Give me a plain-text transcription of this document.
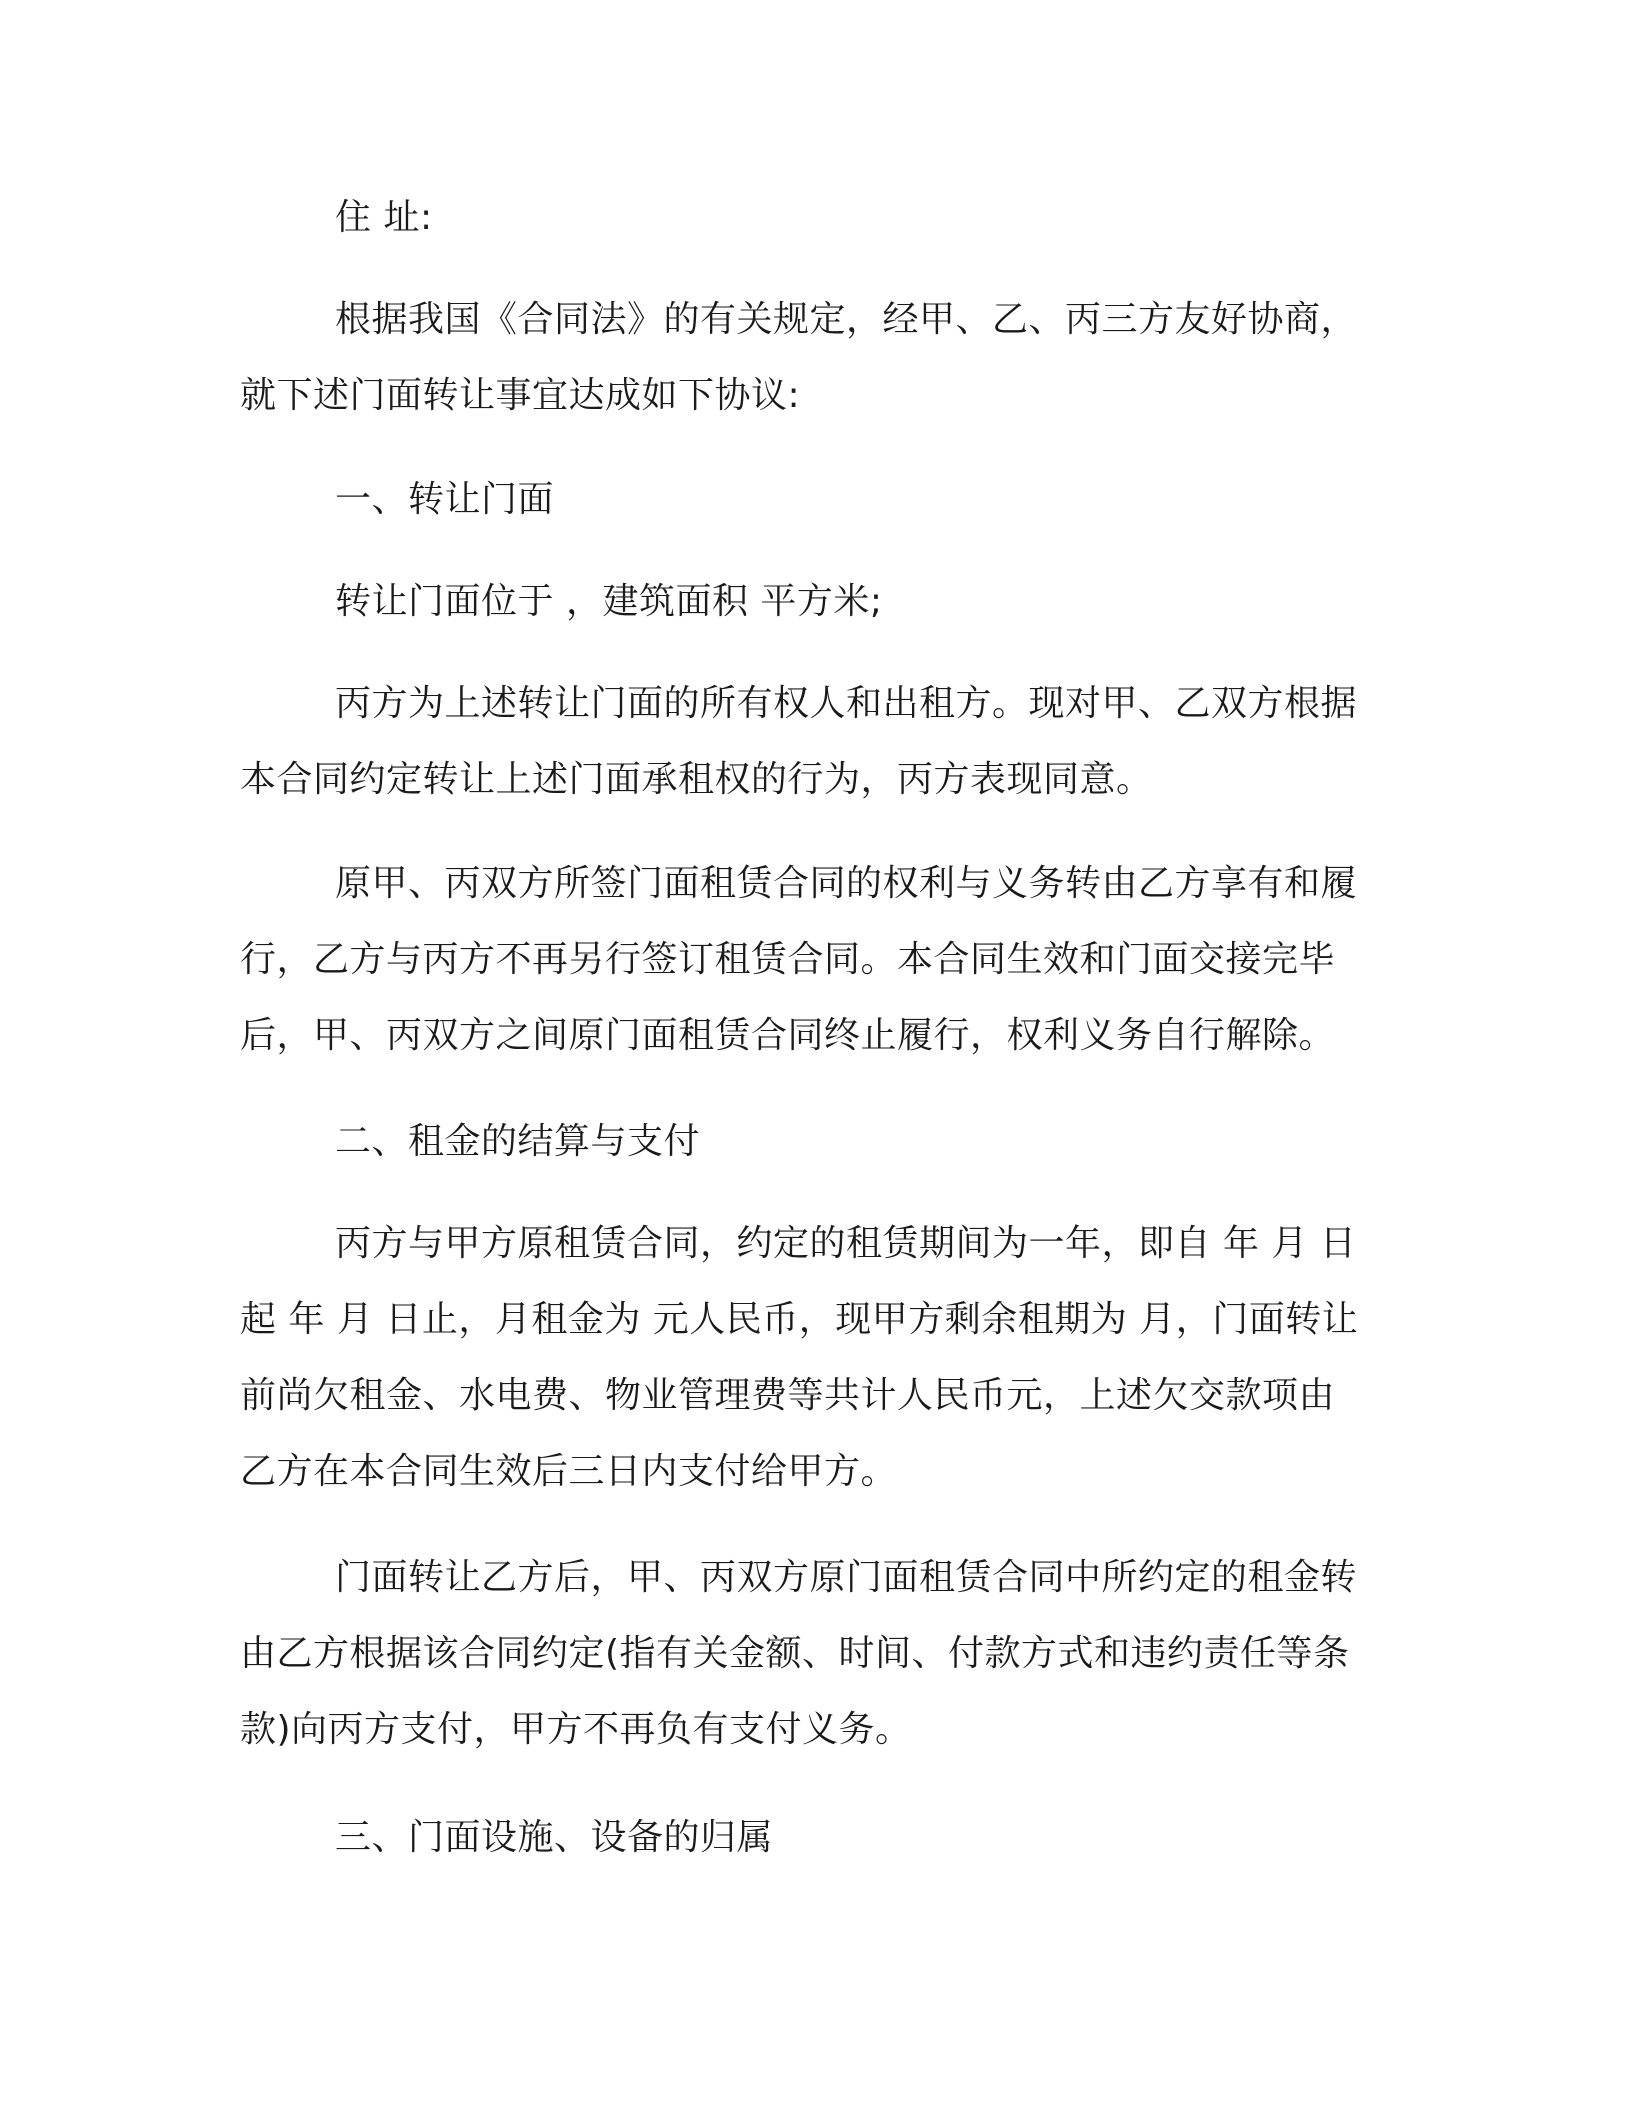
住 址:
根据我国《合同法》的有关规定，经甲、乙、丙三方友好协商，
就下述门面转让事宜达成如下协议:
一、转让门面
转让门面位于 ，建筑面积 平方米;
丙方为上述转让门面的所有权人和出租方。现对甲、乙双方根据
本合同约定转让上述门面承租权的行为，丙方表现同意。
原甲、丙双方所签门面租赁合同的权利与义务转由乙方享有和履
行，乙方与丙方不再另行签订租赁合同。本合同生效和门面交接完毕
后，甲、丙双方之间原门面租赁合同终止履行，权利义务自行解除。
二、租金的结算与支付
丙方与甲方原租赁合同，约定的租赁期间为一年，即自 年 月 日
起 年 月 日止，月租金为 元人民币，现甲方剩余租期为 月，门面转让
前尚欠租金、水电费、物业管理费等共计人民币元，上述欠交款项由
乙方在本合同生效后三日内支付给甲方。
门面转让乙方后，甲、丙双方原门面租赁合同中所约定的租金转
由乙方根据该合同约定(指有关金额、时间、付款方式和违约责任等条
款)向丙方支付，甲方不再负有支付义务。
三、门面设施、设备的归属
